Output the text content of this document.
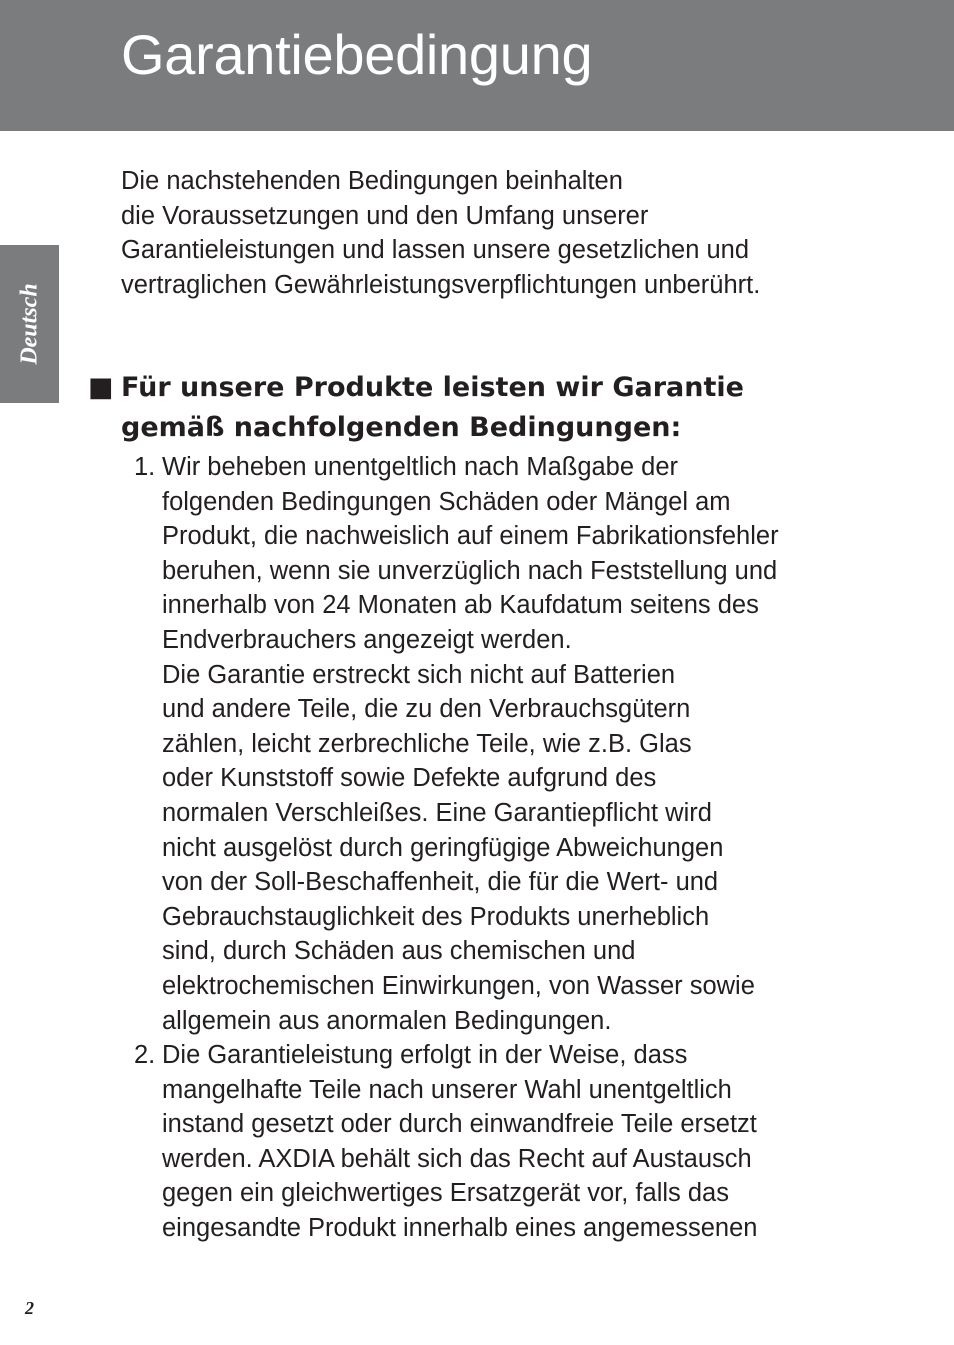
Garantiebedingung
Deutsch

Die nachstehenden Bedingungen beinhalten
die Voraussetzungen und den Umfang unserer
Garantieleistungen und lassen unsere gesetzlichen und
vertraglichen Gewährleistungsverpflichtungen unberührt.

■ Für unsere Produkte leisten wir Garantie
gemäß nachfolgenden Bedingungen:
1. Wir beheben unentgeltlich nach Maßgabe der
folgenden Bedingungen Schäden oder Mängel am
Produkt, die nachweislich auf einem Fabrikationsfehler
beruhen, wenn sie unverzüglich nach Feststellung und
innerhalb von 24 Monaten ab Kaufdatum seitens des
Endverbrauchers angezeigt werden.
Die Garantie erstreckt sich nicht auf Batterien
und andere Teile, die zu den Verbrauchsgütern
zählen, leicht zerbrechliche Teile, wie z.B. Glas
oder Kunststoff sowie Defekte aufgrund des
normalen Verschleißes. Eine Garantiepflicht wird
nicht ausgelöst durch geringfügige Abweichungen
von der Soll-Beschaffenheit, die für die Wert- und
Gebrauchstauglichkeit des Produkts unerheblich
sind, durch Schäden aus chemischen und
elektrochemischen Einwirkungen, von Wasser sowie
allgemein aus anormalen Bedingungen.
2. Die Garantieleistung erfolgt in der Weise, dass
mangelhafte Teile nach unserer Wahl unentgeltlich
instand gesetzt oder durch einwandfreie Teile ersetzt
werden. AXDIA behält sich das Recht auf Austausch
gegen ein gleichwertiges Ersatzgerät vor, falls das
eingesandte Produkt innerhalb eines angemessenen
2
